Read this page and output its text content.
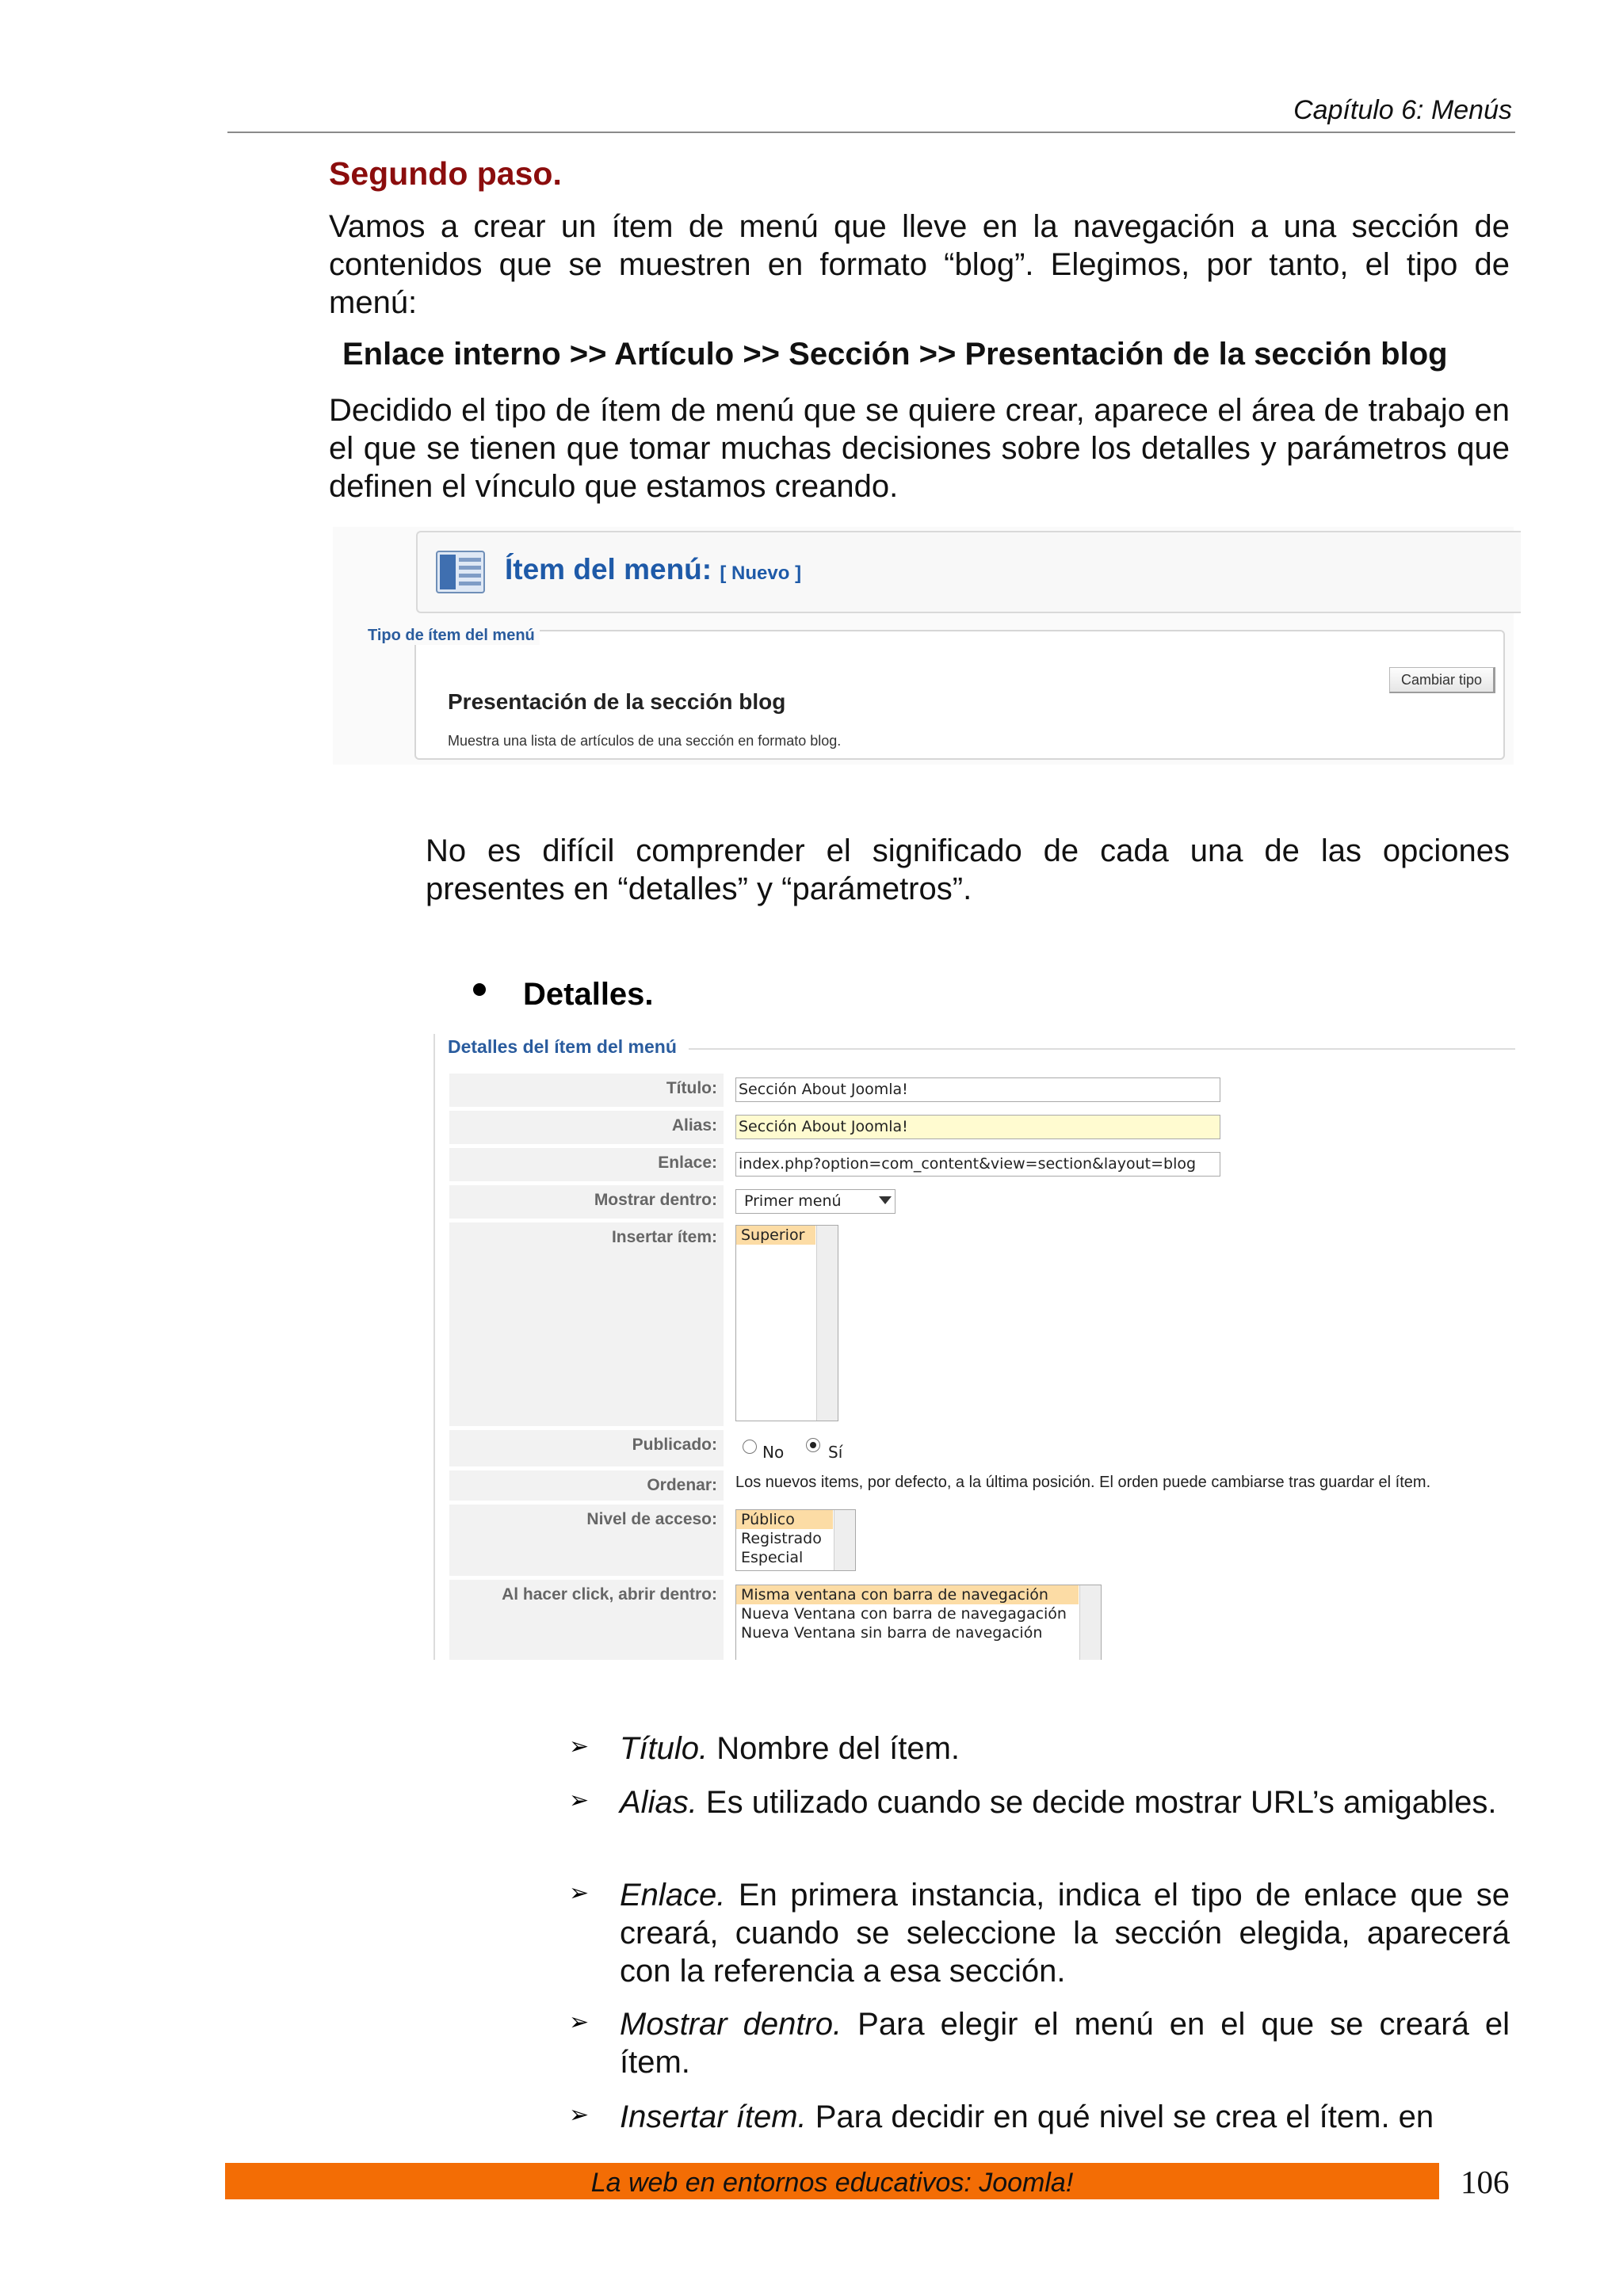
Capítulo 6: Menús
Segundo paso.
Vamos a crear un ítem de menú que lleve en la navegación a una sección de contenidos que se muestren en formato “blog”. Elegimos, por tanto, el tipo de menú:
Enlace interno >> Artículo >> Sección >> Presentación de la sección blog
Decidido el tipo de ítem de menú que se quiere crear, aparece el área de trabajo en el que se tienen que tomar muchas decisiones sobre los detalles y parámetros que definen el vínculo que estamos creando.
Ítem del menú: [ Nuevo ]
Presentación de la sección blog
Muestra una lista de artículos de una sección en formato blog.
Cambiar tipo
Tipo de ítem del menú
No es difícil comprender el significado de cada una de las opciones presentes en “detalles” y “parámetros”.
Detalles.
Detalles del ítem del menú
Título:	Sección About Joomla!
Alias:	Sección About Joomla!
Enlace:	index.php?option=com_content&view=section&layout=blog
Mostrar dentro:	Primer menú
Insertar ítem:	Superior
Publicado:	No	Sí
Ordenar:	Los nuevos items, por defecto, a la última posición. El orden puede cambiarse tras guardar el ítem.
Nivel de acceso:	Público
Registrado
Especial
Al hacer click, abrir dentro:	Misma ventana con barra de navegación
Nueva Ventana con barra de navegagación
Nueva Ventana sin barra de navegación
➢ Título. Nombre del ítem.
➢ Alias. Es utilizado cuando se decide mostrar URL’s amigables.
➢ Enlace. En primera instancia, indica el tipo de enlace que se creará, cuando se seleccione la sección elegida, aparecerá con la referencia a esa sección.
➢ Mostrar dentro. Para elegir el menú en el que se creará el ítem.
➢ Insertar ítem. Para decidir en qué nivel se crea el ítem. en
La web en entornos educativos: Joomla!	106
